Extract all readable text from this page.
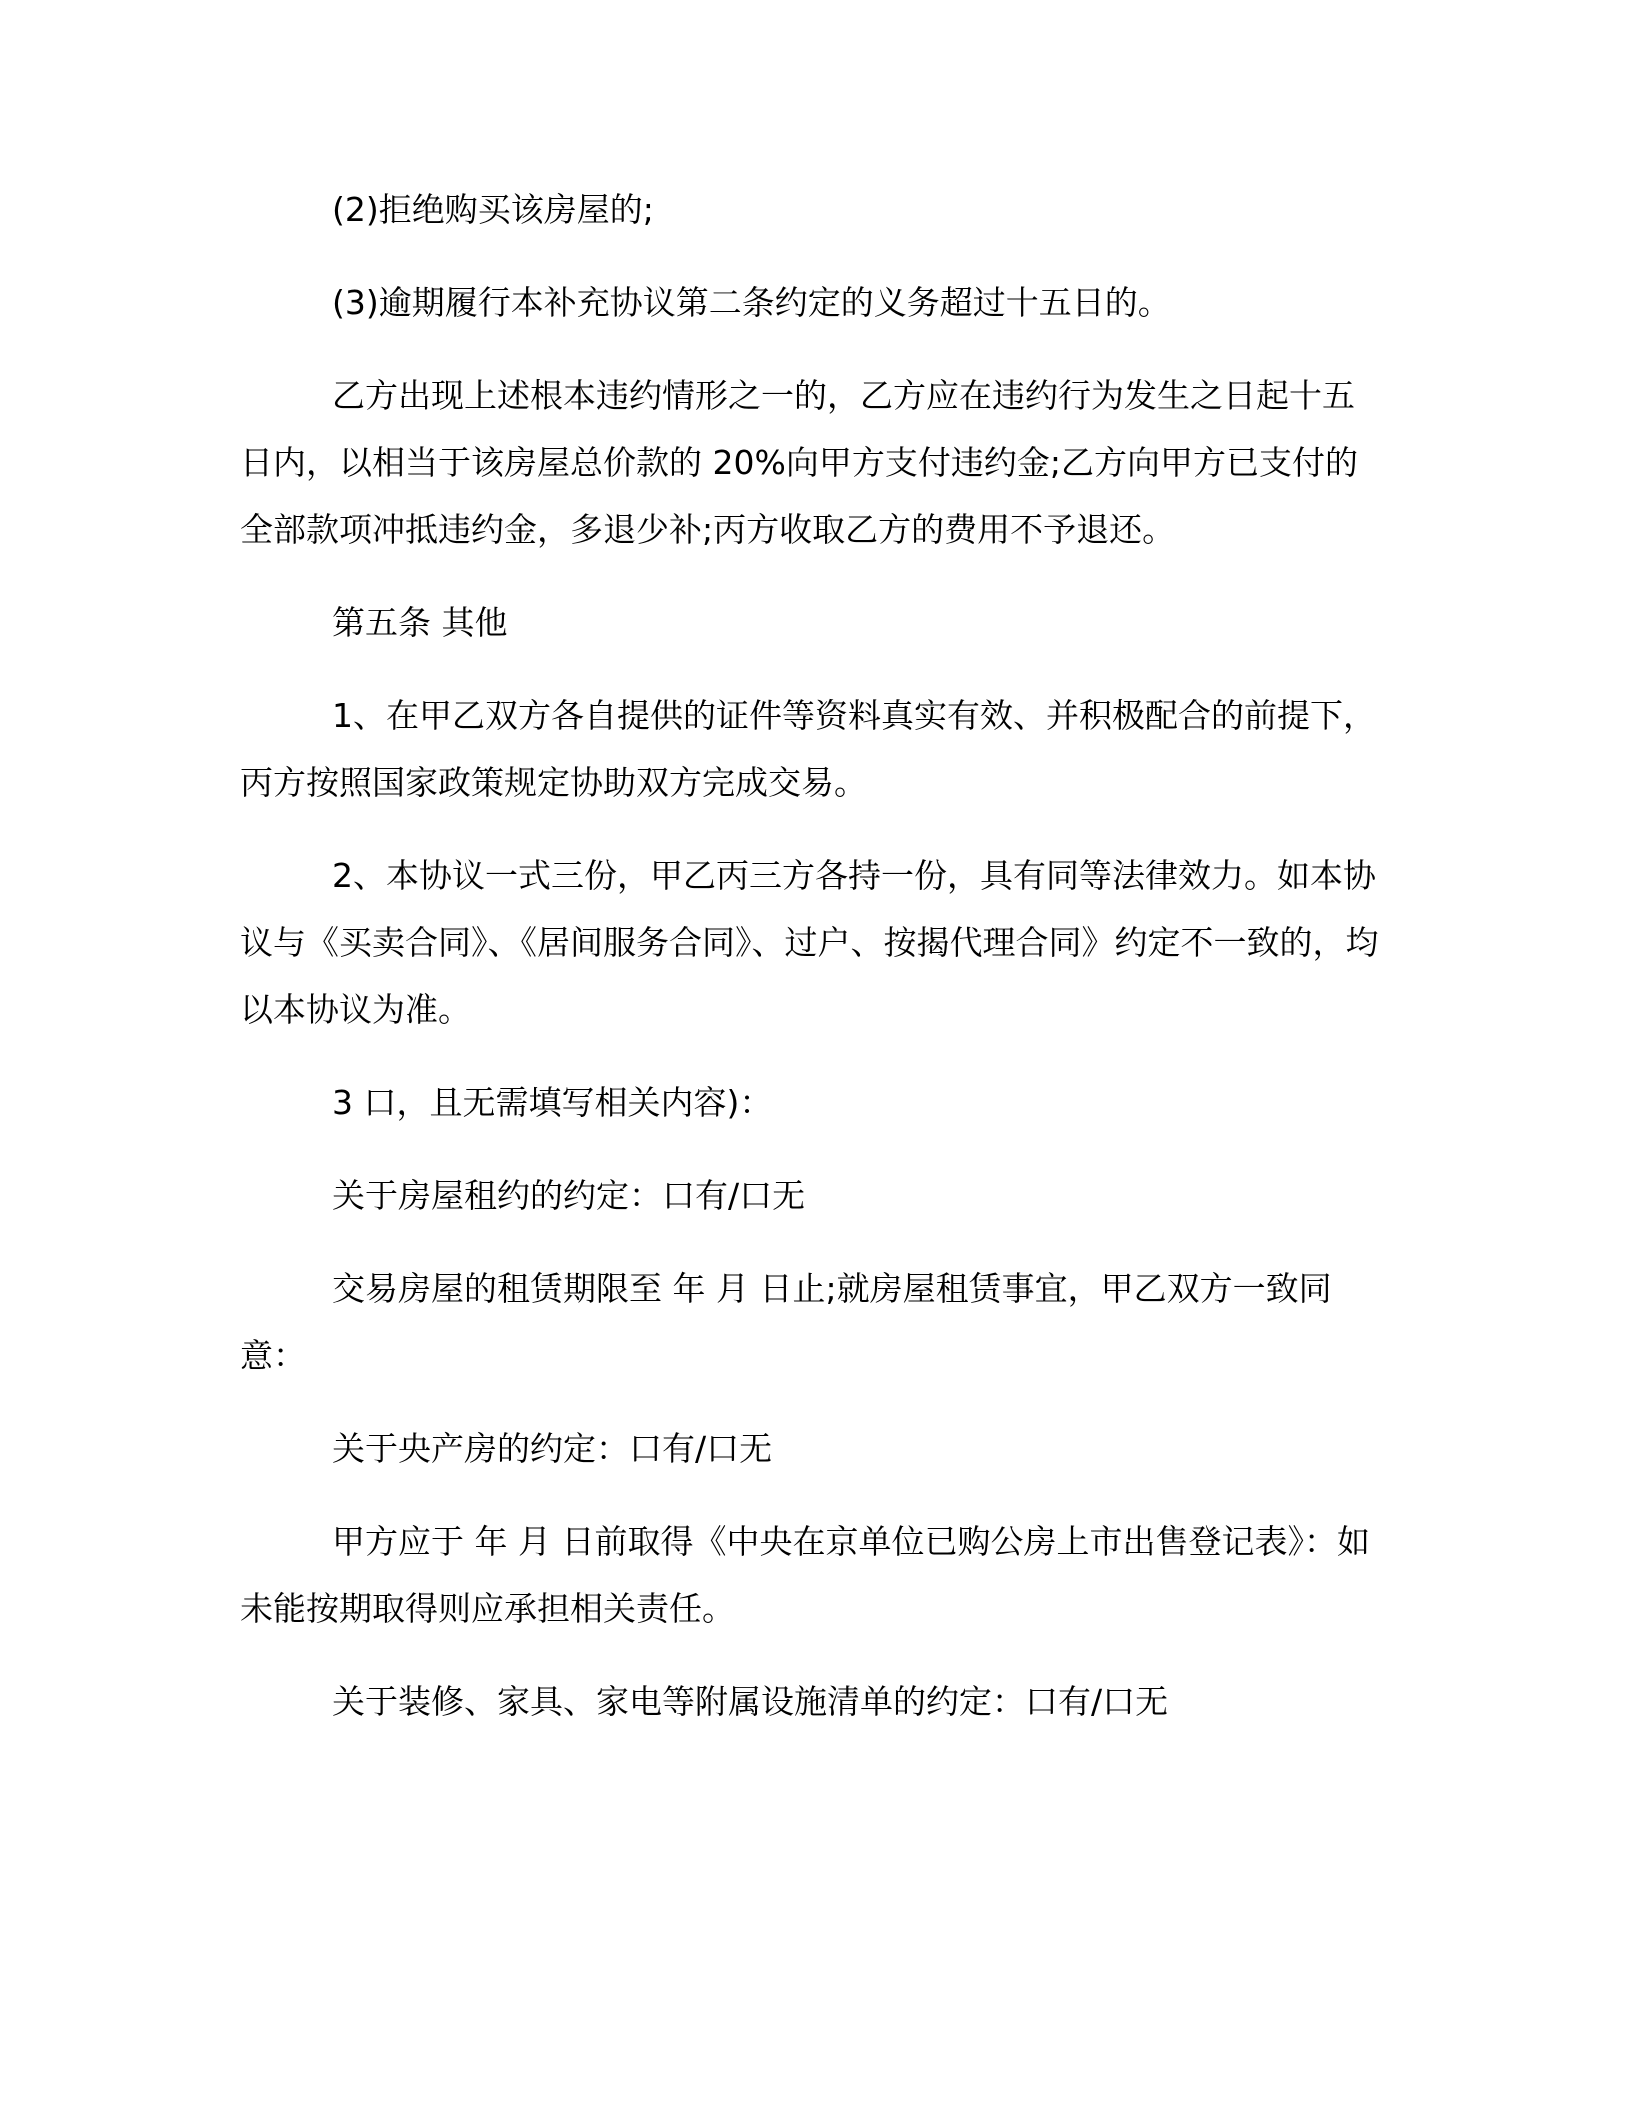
(2)拒绝购买该房屋的;

(3)逾期履行本补充协议第二条约定的义务超过十五日的。

乙方出现上述根本违约情形之一的，乙方应在违约行为发生之日起十五日内，以相当于该房屋总价款的 20%向甲方支付违约金;乙方向甲方已支付的全部款项冲抵违约金，多退少补;丙方收取乙方的费用不予退还。

第五条 其他

1、在甲乙双方各自提供的证件等资料真实有效、并积极配合的前提下，丙方按照国家政策规定协助双方完成交易。

2、本协议一式三份，甲乙丙三方各持一份，具有同等法律效力。如本协议与《买卖合同》、《居间服务合同》、过户、按揭代理合同》约定不一致的，均以本协议为准。

3 口，且无需填写相关内容)：

关于房屋租约的约定：口有/口无

交易房屋的租赁期限至 年 月 日止;就房屋租赁事宜，甲乙双方一致同意：

关于央产房的约定：口有/口无

甲方应于 年 月 日前取得《中央在京单位已购公房上市出售登记表》：如未能按期取得则应承担相关责任。

关于装修、家具、家电等附属设施清单的约定：口有/口无
